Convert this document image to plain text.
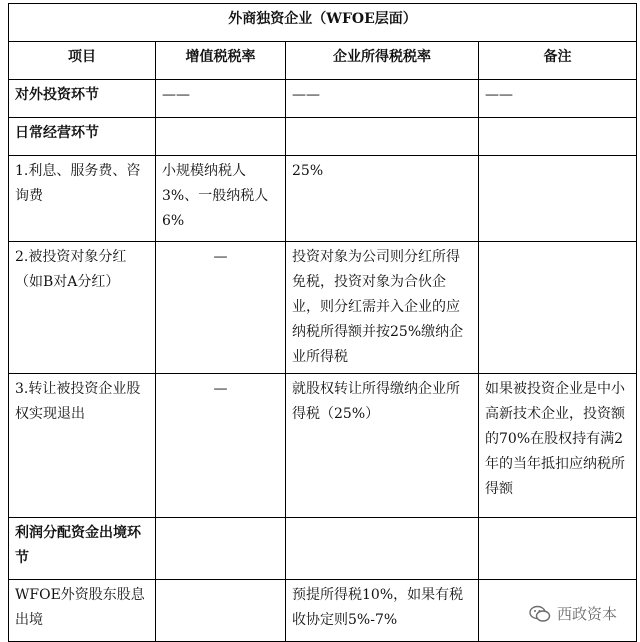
外商独资企业（WFOE层面）			
项目	增值税税率	企业所得税税率	备注
对外投资环节	——	——	——
日常经营环节			
1.利息、服务费、咨询费	小规模纳税人3%、一般纳税人6%	25%	
2.被投资对象分红（如B对A分红）	—	投资对象为公司则分红所得免税，投资对象为合伙企业，则分红需并入企业的应纳税所得额并按25%缴纳企业所得税	
3.转让被投资企业股权实现退出	—	就股权转让所得缴纳企业所得税（25%）	如果被投资企业是中小高新技术企业，投资额的70%在股权持有满2年的当年抵扣应纳税所得额
利润分配资金出境环节			
WFOE外资股东股息出境		预提所得税10%，如果有税收协定则5%-7%		西政资本
